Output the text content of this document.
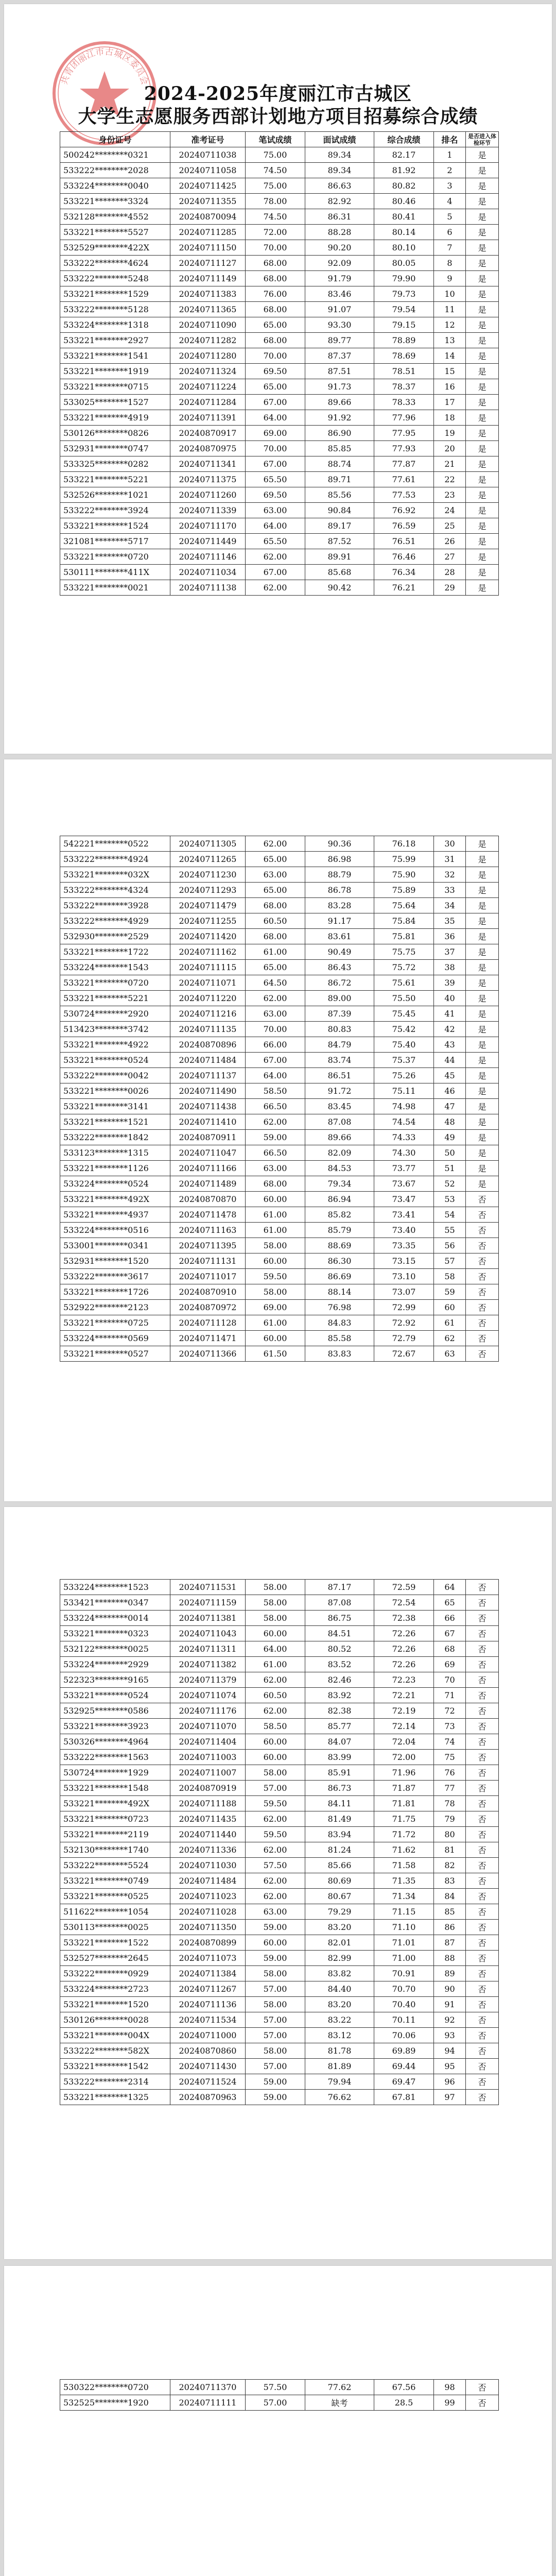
共青团丽江市古城区委员会
2024-2025年度丽江市古城区
大学生志愿服务西部计划地方项目招募综合成绩
身份证号	准考证号	笔试成绩	面试成绩	综合成绩	排名	是否进入体检环节
500242********0321	20240711038	75.00	89.34	82.17	1	是
533222********2028	20240711058	74.50	89.34	81.92	2	是
533224********0040	20240711425	75.00	86.63	80.82	3	是
533221********3324	20240711355	78.00	82.92	80.46	4	是
532128********4552	20240870094	74.50	86.31	80.41	5	是
533221********5527	20240711285	72.00	88.28	80.14	6	是
532529********422X	20240711150	70.00	90.20	80.10	7	是
533222********4624	20240711127	68.00	92.09	80.05	8	是
533222********5248	20240711149	68.00	91.79	79.90	9	是
533221********1529	20240711383	76.00	83.46	79.73	10	是
533222********5128	20240711365	68.00	91.07	79.54	11	是
533224********1318	20240711090	65.00	93.30	79.15	12	是
533221********2927	20240711282	68.00	89.77	78.89	13	是
533221********1541	20240711280	70.00	87.37	78.69	14	是
533221********1919	20240711324	69.50	87.51	78.51	15	是
533221********0715	20240711224	65.00	91.73	78.37	16	是
533025********1527	20240711284	67.00	89.66	78.33	17	是
533221********4919	20240711391	64.00	91.92	77.96	18	是
530126********0826	20240870917	69.00	86.90	77.95	19	是
532931********0747	20240870975	70.00	85.85	77.93	20	是
533325********0282	20240711341	67.00	88.74	77.87	21	是
533221********5221	20240711375	65.50	89.71	77.61	22	是
532526********1021	20240711260	69.50	85.56	77.53	23	是
533222********3924	20240711339	63.00	90.84	76.92	24	是
533221********1524	20240711170	64.00	89.17	76.59	25	是
321081********5717	20240711449	65.50	87.52	76.51	26	是
533221********0720	20240711146	62.00	89.91	76.46	27	是
530111********411X	20240711034	67.00	85.68	76.34	28	是
533221********0021	20240711138	62.00	90.42	76.21	29	是
542221********0522	20240711305	62.00	90.36	76.18	30	是
533222********4924	20240711265	65.00	86.98	75.99	31	是
533221********032X	20240711230	63.00	88.79	75.90	32	是
533222********4324	20240711293	65.00	86.78	75.89	33	是
533222********3928	20240711479	68.00	83.28	75.64	34	是
533222********4929	20240711255	60.50	91.17	75.84	35	是
532930********2529	20240711420	68.00	83.61	75.81	36	是
533221********1722	20240711162	61.00	90.49	75.75	37	是
533224********1543	20240711115	65.00	86.43	75.72	38	是
533221********0720	20240711071	64.50	86.72	75.61	39	是
533221********5221	20240711220	62.00	89.00	75.50	40	是
530724********2920	20240711216	63.00	87.39	75.45	41	是
513423********3742	20240711135	70.00	80.83	75.42	42	是
533221********4922	20240870896	66.00	84.79	75.40	43	是
533221********0524	20240711484	67.00	83.74	75.37	44	是
533222********0042	20240711137	64.00	86.51	75.26	45	是
533221********0026	20240711490	58.50	91.72	75.11	46	是
533221********3141	20240711438	66.50	83.45	74.98	47	是
533221********1521	20240711410	62.00	87.08	74.54	48	是
533222********1842	20240870911	59.00	89.66	74.33	49	是
533123********1315	20240711047	66.50	82.09	74.30	50	是
533221********1126	20240711166	63.00	84.53	73.77	51	是
533224********0524	20240711489	68.00	79.34	73.67	52	是
533221********492X	20240870870	60.00	86.94	73.47	53	否
533221********4937	20240711478	61.00	85.82	73.41	54	否
533224********0516	20240711163	61.00	85.79	73.40	55	否
533001********0341	20240711395	58.00	88.69	73.35	56	否
532931********1520	20240711131	60.00	86.30	73.15	57	否
533222********3617	20240711017	59.50	86.69	73.10	58	否
533221********1726	20240870910	58.00	88.14	73.07	59	否
532922********2123	20240870972	69.00	76.98	72.99	60	否
533221********0725	20240711128	61.00	84.83	72.92	61	否
533224********0569	20240711471	60.00	85.58	72.79	62	否
533221********0527	20240711366	61.50	83.83	72.67	63	否
533224********1523	20240711531	58.00	87.17	72.59	64	否
533421********0347	20240711159	58.00	87.08	72.54	65	否
533224********0014	20240711381	58.00	86.75	72.38	66	否
533221********0323	20240711043	60.00	84.51	72.26	67	否
532122********0025	20240711311	64.00	80.52	72.26	68	否
533224********2929	20240711382	61.00	83.52	72.26	69	否
522323********9165	20240711379	62.00	82.46	72.23	70	否
533221********0524	20240711074	60.50	83.92	72.21	71	否
532925********0586	20240711176	62.00	82.38	72.19	72	否
533221********3923	20240711070	58.50	85.77	72.14	73	否
530326********4964	20240711404	60.00	84.07	72.04	74	否
533222********1563	20240711003	60.00	83.99	72.00	75	否
530724********1929	20240711007	58.00	85.91	71.96	76	否
533221********1548	20240870919	57.00	86.73	71.87	77	否
533221********492X	20240711188	59.50	84.11	71.81	78	否
533221********0723	20240711435	62.00	81.49	71.75	79	否
533221********2119	20240711440	59.50	83.94	71.72	80	否
532130********1740	20240711336	62.00	81.24	71.62	81	否
533222********5524	20240711030	57.50	85.66	71.58	82	否
533221********0749	20240711484	62.00	80.69	71.35	83	否
533221********0525	20240711023	62.00	80.67	71.34	84	否
511622********1054	20240711028	63.00	79.29	71.15	85	否
530113********0025	20240711350	59.00	83.20	71.10	86	否
533221********1522	20240870899	60.00	82.01	71.01	87	否
532527********2645	20240711073	59.00	82.99	71.00	88	否
533222********0929	20240711384	58.00	83.82	70.91	89	否
533224********2723	20240711267	57.00	84.40	70.70	90	否
533221********1520	20240711136	58.00	83.20	70.40	91	否
530126********0028	20240711534	57.00	83.22	70.11	92	否
533221********004X	20240711000	57.00	83.12	70.06	93	否
533222********582X	20240870860	58.00	81.78	69.89	94	否
533221********1542	20240711430	57.00	81.89	69.44	95	否
533222********2314	20240711524	59.00	79.94	69.47	96	否
533221********1325	20240870963	59.00	76.62	67.81	97	否
530322********0720	20240711370	57.50	77.62	67.56	98	否
532525********1920	20240711111	57.00	缺考	28.5	99	否
